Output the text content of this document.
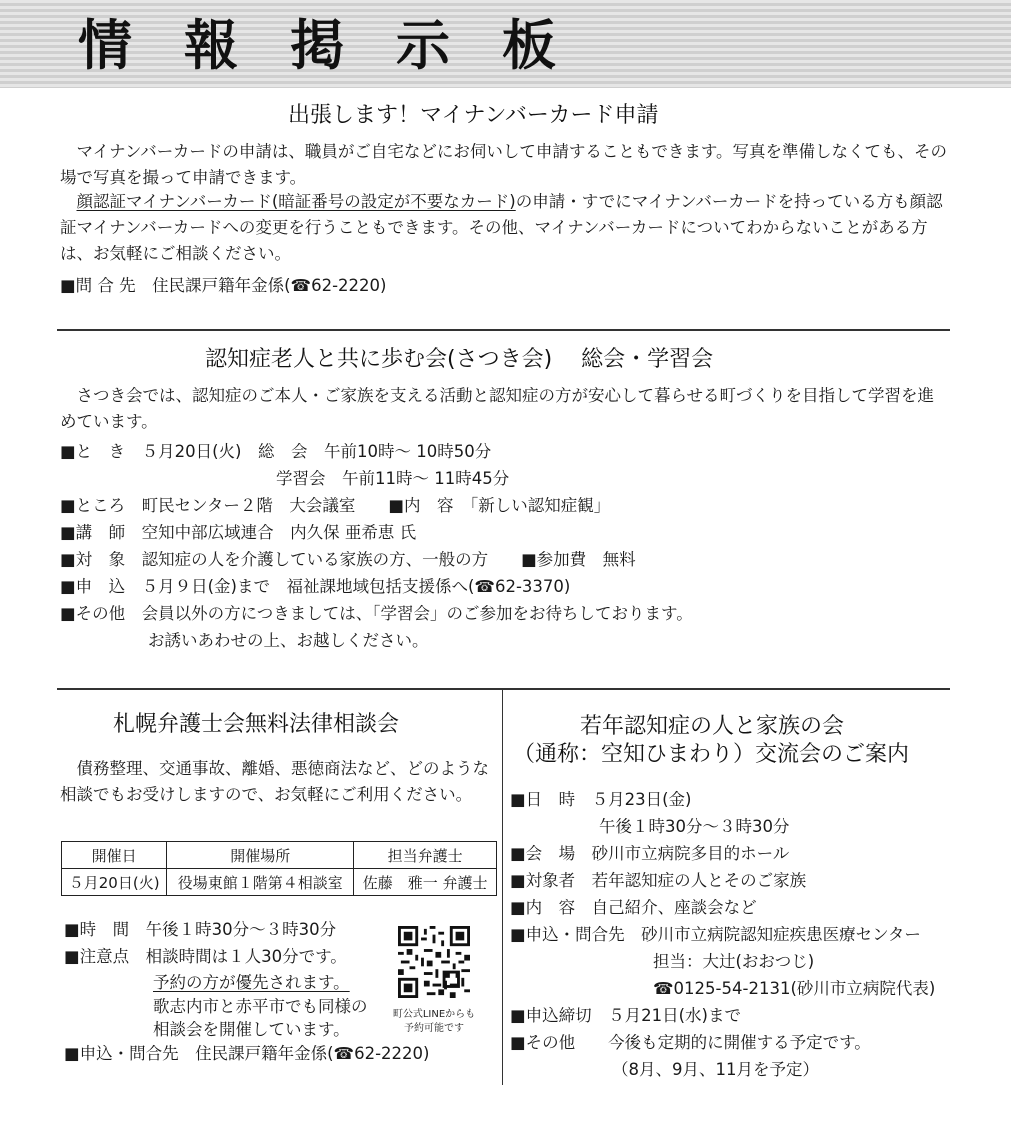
情報掲示板
出張します！マイナンバーカード申請
マイナンバーカードの申請は、職員がご自宅などにお伺いして申請することもできます。写真を準備しなくても、その場で写真を撮って申請できます。
顔認証マイナンバーカード(暗証番号の設定が不要なカード)の申請・すでにマイナンバーカードを持っている方も顔認証マイナンバーカードへの変更を行うこともできます。その他、マイナンバーカードについてわからないことがある方は、お気軽にご相談ください。
■問 合 先　住民課戸籍年金係(☎62-2220)
認知症老人と共に歩む会(さつき会)　 総会・学習会
さつき会では、認知症のご本人・ご家族を支える活動と認知症の方が安心して暮らせる町づくりを目指して学習を進めています。
■と　き　５月20日(火)　総　会　午前10時～ 10時50分
学習会　午前11時～ 11時45分
■ところ　町民センター２階　大会議室　　■内　容　「新しい認知症観」
■講　師　空知中部広域連合　内久保 亜希恵 氏
■対　象　認知症の人を介護している家族の方、一般の方　　■参加費　無料
■申　込　５月９日(金)まで　福祉課地域包括支援係へ(☎62-3370)
■その他　会員以外の方につきましては、「学習会」のご参加をお待ちしております。
お誘いあわせの上、お越しください。
札幌弁護士会無料法律相談会
債務整理、交通事故、離婚、悪徳商法など、どのような相談でもお受けしますので、お気軽にご利用ください。
開催日	開催場所	担当弁護士
５月20日(火)	役場東館１階第４相談室	佐藤　雅一 弁護士
■時　間　午後１時30分～３時30分
■注意点　相談時間は１人30分です。
予約の方が優先されます。
歌志内市と赤平市でも同様の
相談会を開催しています。
■申込・問合先　住民課戸籍年金係(☎62-2220)
町公式LINEからも
予約可能です
若年認知症の人と家族の会
（通称：空知ひまわり）交流会のご案内
■日　時　５月23日(金)
午後１時30分～３時30分
■会　場　砂川市立病院多目的ホール
■対象者　若年認知症の人とそのご家族
■内　容　自己紹介、座談会など
■申込・問合先　砂川市立病院認知症疾患医療センター
担当：大辻(おおつじ)
☎0125-54-2131(砂川市立病院代表)
■申込締切　５月21日(水)まで
■その他　　今後も定期的に開催する予定です。
（8月、9月、11月を予定）
